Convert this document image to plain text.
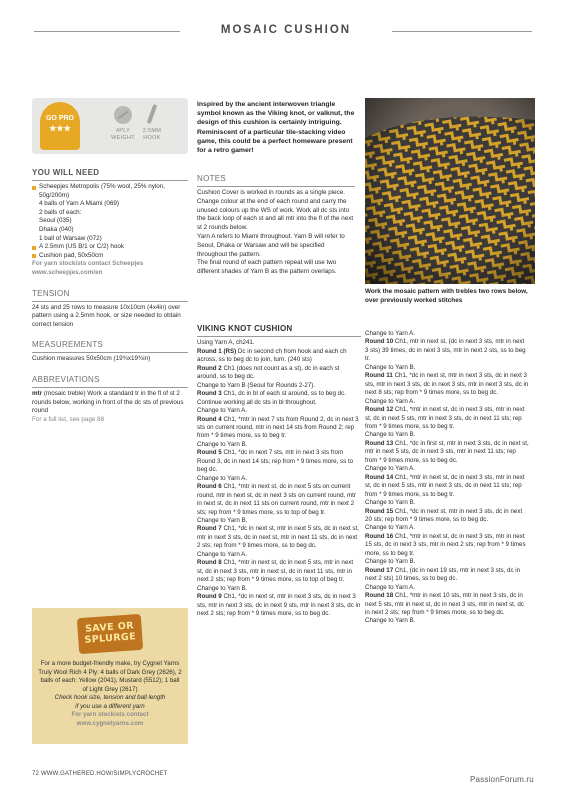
MOSAIC CUSHION
GO PRO
★★★	4PLY
WEIGHT
2.5MM
HOOK
YOU WILL NEED
Scheepjes Metropolis (75% wool, 25% nylon, 50g/200m)
4 balls of Yarn A Miami (069)
2 balls of each:
Seoul (035)
Dhaka (040)
1 ball of Warsaw (072)
A 2.5mm (US B/1 or C/2) hook
Cushion pad, 50x50cm
For yarn stockists contact Scheepjes
www.scheepjes.com/en
TENSION
24 sts and 25 rows to measure 10x10cm (4x4in) over pattern using a 2.5mm hook, or size needed to obtain correct tension
MEASUREMENTS
Cushion measures 50x50cm (19¾x19¾in)
ABBREVIATIONS
mtr (mosaic treble) Work a standard tr in the fl of st 2 rounds below, working in front of the dc sts of previous round
For a full list, see page 88
SAVE OR
SPLURGE
For a more budget-friendly make, try Cygnet Yarns Truly Wool Rich 4 Ply: 4 balls of Dark Grey (2626), 2 balls of each: Yellow (2041), Mustard (5512); 1 ball of Light Grey (2617)
Check hook size, tension and ball length
if you use a different yarn
For yarn stockists contact
www.cygnetyarns.com
Inspired by the ancient interwoven triangle symbol known as the Viking knot, or valknut, the design of this cushion is certainly intriguing. Reminiscent of a particular tile-stacking video game, this could be a perfect homeware present for a retro gamer!
NOTES
Cushion Cover is worked in rounds as a single piece.
Change colour at the end of each round and carry the unused colours up the WS of work. Work all dc sts into the back loop of each st and all mtr into the fl of the next st 2 rounds below.
Yarn A refers to Miami throughout. Yarn B will refer to Seoul, Dhaka or Warsaw and will be specified throughout the pattern.
The final round of each pattern repeat will use two different shades of Yarn B as the pattern overlaps.
Work the mosaic pattern with trebles two rows below, over previously worked stitches
VIKING KNOT CUSHION
Using Yarn A, ch241.
Round 1 (RS) Dc in second ch from hook and each ch across, ss to beg dc to join, turn. (240 sts)
Round 2 Ch1 (does not count as a st), dc in each st around, ss to beg dc.
Change to Yarn B (Seoul for Rounds 2-27).
Round 3 Ch1, dc in bl of each st around, ss to beg dc.
Continue working all dc sts in bl throughout.
Change to Yarn A.
Round 4 Ch1, *mtr in next 7 sts from Round 2, dc in next 3 sts on current round, mtr in next 14 sts from Round 2; rep from * 9 times more, ss to beg tr.
Change to Yarn B.
Round 5 Ch1, *dc in next 7 sts, mtr in next 3 sts from Round 3, dc in next 14 sts; rep from * 9 times more, ss to beg dc.
Change to Yarn A.
Round 6 Ch1, *mtr in next st, dc in next 5 sts on current round, mtr in next st, dc in next 3 sts on current round, mtr in next st, dc in next 11 sts on current round, mtr in next 2 sts; rep from * 9 times more, ss to top of beg tr.
Change to Yarn B.
Round 7 Ch1, *dc in next st, mtr in next 5 sts, dc in next st, mtr in next 3 sts, dc in next st, mtr in next 11 sts, dc in next 2 sts; rep from * 9 times more, ss to beg dc.
Change to Yarn A.
Round 8 Ch1, *mtr in next st, dc in next 5 sts, mtr in next st, dc in next 3 sts, mtr in next st, dc in next 11 sts, mtr in next 2 sts; rep from * 9 times more, ss to top of beg tr.
Change to Yarn B.
Round 9 Ch1, *dc in next st, mtr in next 3 sts, dc in next 3 sts, mtr in next 3 sts, dc in next 9 sts, mtr in next 3 sts, dc in next 2 sts; rep from * 9 times more, ss to beg dc.
Change to Yarn A.
Round 10 Ch1, mtr in next st, (dc in next 3 sts, mtr in next 3 sts) 39 times, dc in next 3 sts, mtr in next 2 sts, ss to beg tr.
Change to Yarn B.
Round 11 Ch1, *dc in next st, mtr in next 3 sts, dc in next 3 sts, mtr in next 3 sts, dc in next 3 sts, mtr in next 3 sts, dc in next 8 sts; rep from * 9 times more, ss to beg dc.
Change to Yarn A.
Round 12 Ch1, *mtr in next st, dc in next 3 sts, mtr in next st, dc in next 5 sts, mtr in next 3 sts, dc in next 11 sts; rep from * 9 times more, ss to beg tr.
Change to Yarn B.
Round 13 Ch1, *dc in first st, mtr in next 3 sts, dc in next st, mtr in next 5 sts, dc in next 3 sts, mtr in next 11 sts; rep from * 9 times more, ss to beg dc.
Change to Yarn A.
Round 14 Ch1, *mtr in next st, dc in next 3 sts, mtr in next st, dc in next 5 sts, mtr in next 3 sts, dc in next 11 sts; rep from * 9 times more, ss to beg tr.
Change to Yarn B.
Round 15 Ch1, *dc in next st, mtr in next 3 sts, dc in next 20 sts; rep from * 9 times more, ss to beg dc.
Change to Yarn A.
Round 16 Ch1, *mtr in next st, dc in next 3 sts, mtr in next 15 sts, dc in next 3 sts, mtr in next 2 sts; rep from * 9 times more, ss to beg tr.
Change to Yarn B.
Round 17 Ch1, (dc in next 19 sts, mtr in next 3 sts, dc in next 2 sts) 10 times, ss to beg dc.
Change to Yarn A.
Round 18 Ch1, *mtr in next 10 sts, mtr in next 3 sts, dc in next 5 sts, mtr in next st, dc in next 3 sts, mtr in next st, dc in next 2 sts; rep from * 9 times more, ss to beg dc.
Change to Yarn B.
72 WWW.GATHERED.HOW/SIMPLYCROCHET
PassionForum.ru
